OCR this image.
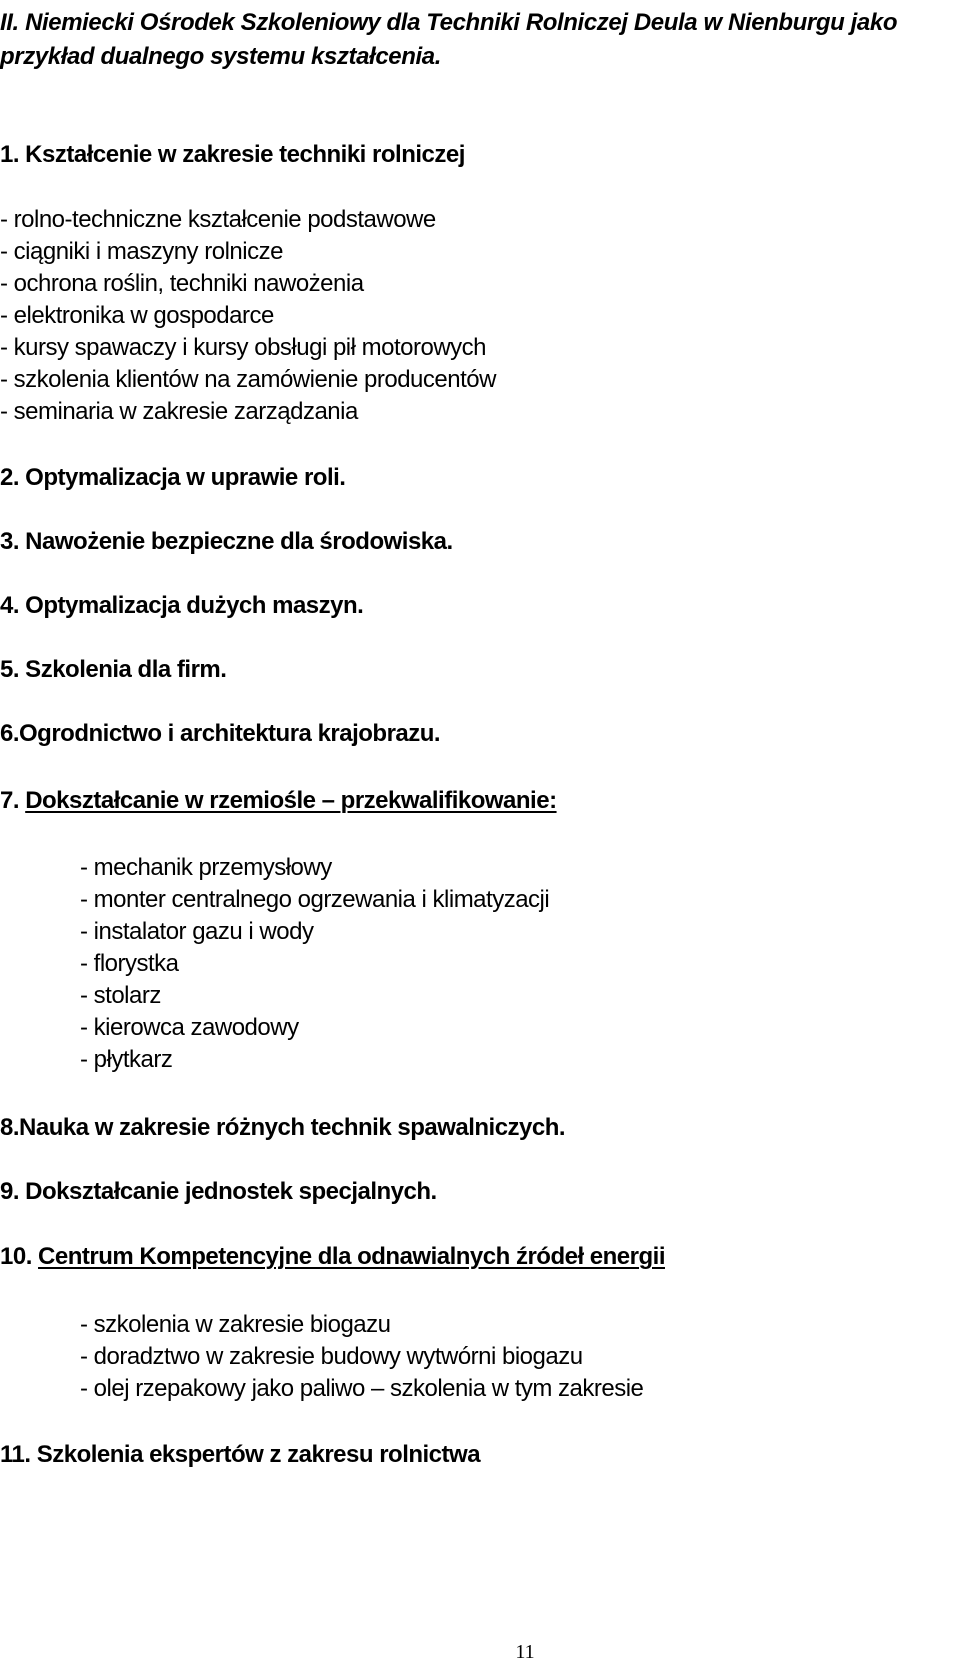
II. Niemiecki Ośrodek Szkoleniowy dla Techniki Rolniczej Deula w Nienburgu jako przykład dualnego systemu kształcenia.
1. Kształcenie w zakresie techniki rolniczej
- rolno-techniczne kształcenie podstawowe
- ciągniki i maszyny rolnicze
- ochrona roślin, techniki nawożenia
- elektronika w gospodarce
- kursy spawaczy i kursy obsługi pił motorowych
- szkolenia klientów na zamówienie producentów
- seminaria w zakresie zarządzania
2. Optymalizacja w uprawie roli.
3. Nawożenie bezpieczne dla środowiska.
4. Optymalizacja dużych maszyn.
5. Szkolenia dla firm.
6.Ogrodnictwo i architektura krajobrazu.
7. Dokształcanie w rzemiośle – przekwalifikowanie:
- mechanik przemysłowy
- monter centralnego ogrzewania i klimatyzacji
- instalator gazu i wody
- florystka
- stolarz
- kierowca zawodowy
- płytkarz
8.Nauka w zakresie różnych technik spawalniczych.
9. Dokształcanie jednostek specjalnych.
10. Centrum Kompetencyjne dla odnawialnych źródeł energii
- szkolenia w zakresie biogazu
- doradztwo w zakresie budowy wytwórni biogazu
- olej rzepakowy jako paliwo – szkolenia w tym zakresie
11. Szkolenia ekspertów z zakresu rolnictwa
11
